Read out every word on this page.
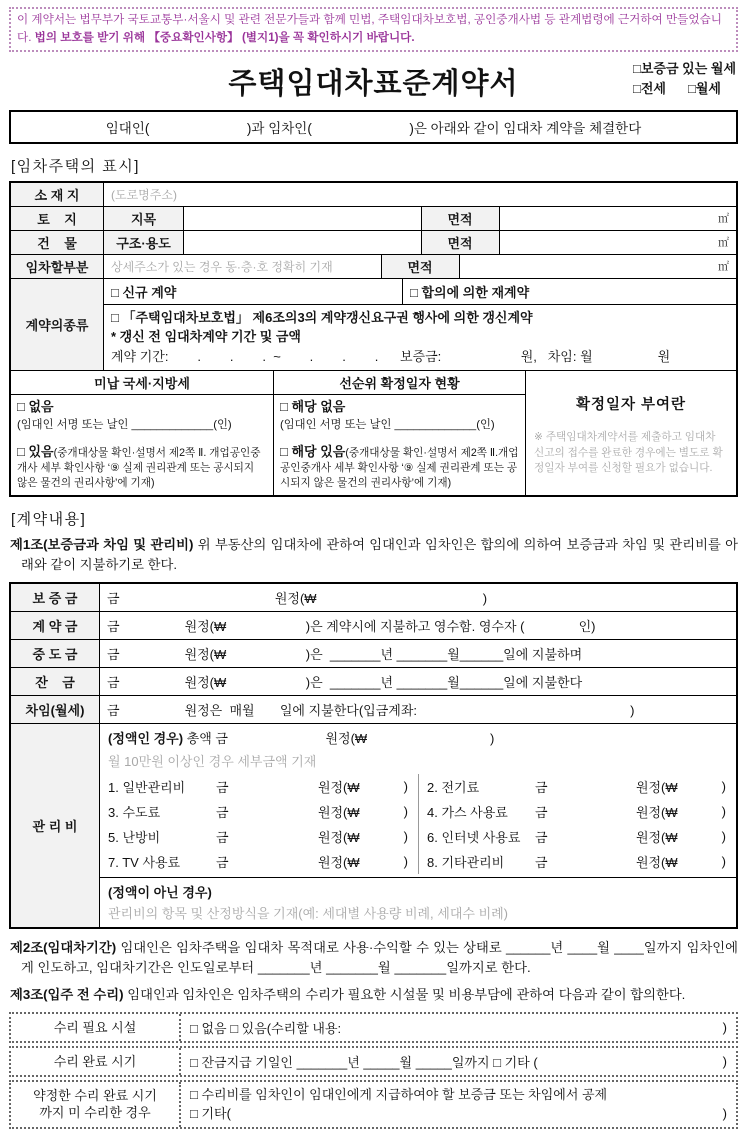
이 계약서는 법무부가 국토교통부·서울시 및 관련 전문가들과 함께 민법, 주택임대차보호법, 공인중개사법 등 관계법령에 근거하여 만들었습니다. 법의 보호를 받기 위해 【중요확인사항】 (별지1)을 꼭 확인하시기 바랍니다.
주택임대차표준계약서	□보증금 있는 월세
□전세 □월세
임대인(                          )과 임차인(                          )은 아래와 같이 임대차 계약을 체결한다
[임차주택의 표시]
소 재 지	(도로명주소)
토    지	지목	면적	㎡
건    물	구조·용도	면적	㎡
임차할부분	상세주소가 있는 경우 동·층·호 정확히 기재	면적	㎡
계약의종류
□ 신규 계약	□ 합의에 의한 재계약
□ 「주택임대차보호법」 제6조의3의 계약갱신요구권 행사에 의한 갱신계약
* 갱신 전 임대차계약 기간 및 금액
계약 기간:        .        .        .  ~        .        .        .      보증금:                      원,   차임: 월                  원
미납 국세·지방세
□ 없음
(임대인 서명 또는 날인 _____________(인)
□ 있음(중개대상물 확인·설명서 제2쪽 Ⅱ. 개업공인중개사 세부 확인사항 ‘⑨ 실제 권리관계 또는 공시되지 않은 물건의 권리사항’에 기재)
선순위 확정일자 현황
□ 해당 없음
(임대인 서명 또는 날인 _____________(인)
□ 해당 있음(중개대상물 확인·설명서 제2쪽 Ⅱ.개업공인중개사 세부 확인사항 ‘⑨ 실제 권리관계 또는 공시되지 않은 물건의 권리사항’에 기재)
확정일자 부여란
※ 주택임대차계약서를 제출하고 임대차 신고의 접수를 완료한 경우에는 별도로 확정일자 부여를 신청할 필요가 없습니다.
[계약내용]

제1조(보증금과 차임 및 관리비) 위 부동산의 임대차에 관하여 임대인과 임차인은 합의에 의하여 보증금과 차임 및 관리비를 아래와 같이 지불하기로 한다.

보 증 금	금                                           원정(₩                                              )
계 약 금	금                  원정(₩                      )은 계약시에 지불하고 영수함. 영수자 (               인)
중 도 금	금                  원정(₩                      )은  _______년 _______월______일에 지불하며
잔    금	금                  원정(₩                      )은  _______년 _______월______일에 지불한다
차임(월세)	금                  원정은  매월       일에 지불한다(입금계좌:                                                           )
관 리 비
(정액인 경우) 총액 금                           원정(₩                                  )
월 10만원 이상인 경우 세부금액 기재
1. 일반관리비	금	원정(₩	) 2. 전기료	금	원정(₩	)
3. 수도료	금	원정(₩	) 4. 가스 사용료	금	원정(₩	)
5. 난방비	금	원정(₩	) 6. 인터넷 사용료	금	원정(₩	)
7. TV 사용료	금	원정(₩	) 8. 기타관리비	금	원정(₩	)
(정액이 아닌 경우)
관리비의 항목 및 산정방식을 기재(예: 세대별 사용량 비례, 세대수 비례)

제2조(임대차기간) 임대인은 임차주택을 임대차 목적대로 사용·수익할 수 있는 상태로 ______년 ____월 ____일까지 임차인에게 인도하고, 임대차기간은 인도일로부터 _______년 _______월 _______일까지로 한다.

제3조(입주 전 수리) 임대인과 임차인은 임차주택의 수리가 필요한 시설물 및 비용부담에 관하여 다음과 같이 합의한다.

수리 필요 시설	□ 없음 □ 있음(수리할 내용:	)
수리 완료 시기	□ 잔금지급 기일인 _______년 _____월 _____일까지 □ 기타 (	)
약정한 수리 완료 시기
까지 미 수리한 경우
□ 수리비를 임차인이 임대인에게 지급하여야 할 보증금 또는 차임에서 공제
□ 기타(	)
